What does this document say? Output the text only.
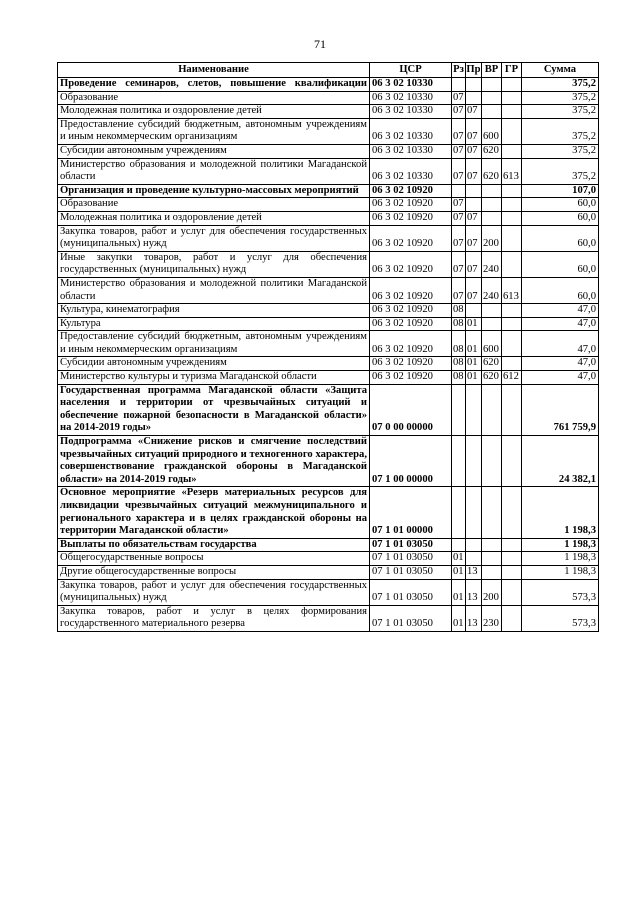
71
Наименование	ЦСР	Рз	Пр	ВР	ГР	Сумма
Проведение семинаров, слетов, повышение квалификации	06 3 02 10330					375,2
Образование	06 3 02 10330	07				375,2
Молодежная политика и оздоровление детей	06 3 02 10330	07	07			375,2
Предоставление субсидий бюджетным, автономным учреждениям и иным некоммерческим организациям	06 3 02 10330	07	07	600		375,2
Субсидии автономным учреждениям	06 3 02 10330	07	07	620		375,2
Министерство образования и молодежной политики Магаданской области	06 3 02 10330	07	07	620	613	375,2
Организация и проведение культурно-массовых мероприятий	06 3 02 10920					107,0
Образование	06 3 02 10920	07				60,0
Молодежная политика и оздоровление детей	06 3 02 10920	07	07			60,0
Закупка товаров, работ и услуг для обеспечения государственных (муниципальных) нужд	06 3 02 10920	07	07	200		60,0
Иные закупки товаров, работ и услуг для обеспечения государственных (муниципальных) нужд	06 3 02 10920	07	07	240		60,0
Министерство образования и молодежной политики Магаданской области	06 3 02 10920	07	07	240	613	60,0
Культура, кинематография	06 3 02 10920	08				47,0
Культура	06 3 02 10920	08	01			47,0
Предоставление субсидий бюджетным, автономным учреждениям и иным некоммерческим организациям	06 3 02 10920	08	01	600		47,0
Субсидии автономным учреждениям	06 3 02 10920	08	01	620		47,0
Министерство культуры и туризма Магаданской области	06 3 02 10920	08	01	620	612	47,0
Государственная программа Магаданской области «Защита населения и территории от чрезвычайных ситуаций и обеспечение пожарной безопасности в Магаданской области» на 2014-2019 годы»	07 0 00 00000					761 759,9
Подпрограмма «Снижение рисков и смягчение последствий чрезвычайных ситуаций природного и техногенного характера, совершенствование гражданской обороны в Магаданской области» на 2014-2019 годы»	07 1 00 00000					24 382,1
Основное мероприятие «Резерв материальных ресурсов для ликвидации чрезвычайных ситуаций межмуниципального и регионального характера и в целях гражданской обороны на территории Магаданской области»	07 1 01 00000					1 198,3
Выплаты по обязательствам государства	07 1 01 03050					1 198,3
Общегосударственные вопросы	07 1 01 03050	01				1 198,3
Другие общегосударственные вопросы	07 1 01 03050	01	13			1 198,3
Закупка товаров, работ и услуг для обеспечения государственных (муниципальных) нужд	07 1 01 03050	01	13	200		573,3
Закупка товаров, работ и услуг в целях формирования государственного материального резерва	07 1 01 03050	01	13	230		573,3
